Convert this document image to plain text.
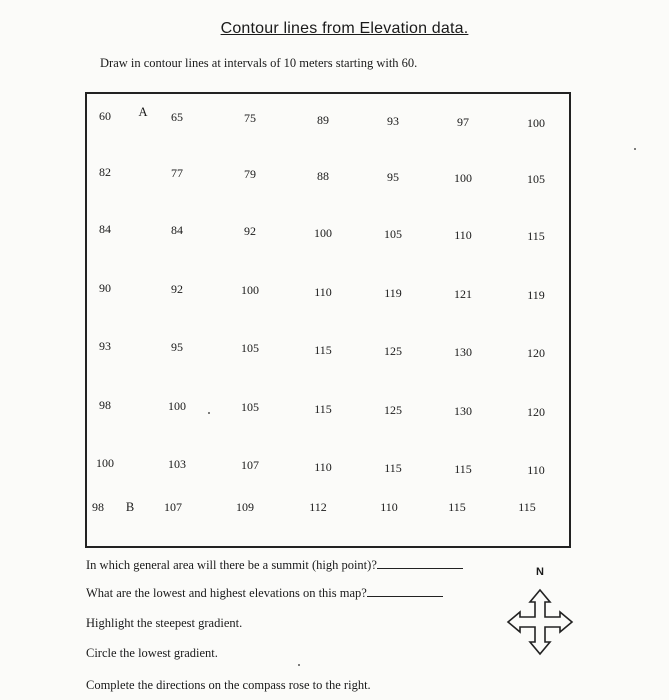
Contour lines from Elevation data.
Draw in contour lines at intervals of 10 meters starting with 60.
60	65	75	89	93	97	100
82	77	79	88	95	100	105
84	84	92	100	105	110	115
90	92	100	110	119	121	119
93	95	105	115	125	130	120
98	100	105	115	125	130	120
100	103	107	110	115	115	110
98	107	109	112	110	115	115
A
B
In which general area will there be a summit (high point)?
What are the lowest and highest elevations on this map?
Highlight the steepest gradient.
Circle the lowest gradient.
Complete the directions on the compass rose to the right.
N
